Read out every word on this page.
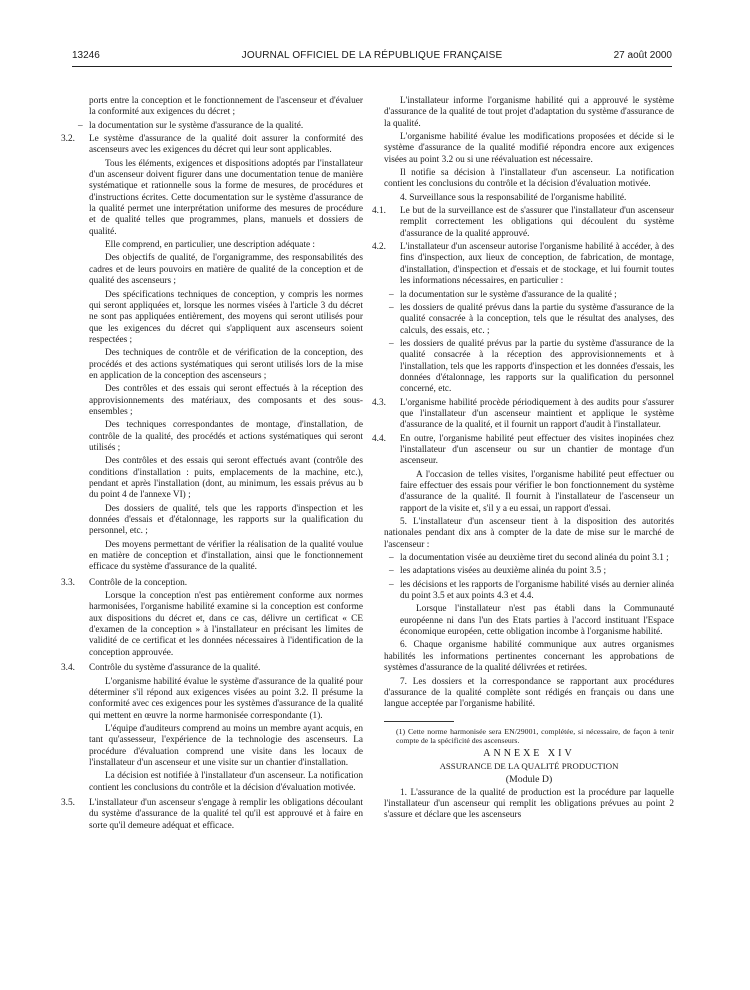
13246	JOURNAL OFFICIEL DE LA RÉPUBLIQUE FRANÇAISE	27 août 2000

ports entre la conception et le fonctionnement de l'ascenseur et d'évaluer la conformité aux exigences du décret ;

– la documentation sur le système d'assurance de la qualité.

3.2. Le système d'assurance de la qualité doit assurer la conformité des ascenseurs avec les exigences du décret qui leur sont applicables.

Tous les éléments, exigences et dispositions adoptés par l'installateur d'un ascenseur doivent figurer dans une documentation tenue de manière systématique et rationnelle sous la forme de mesures, de procédures et d'instructions écrites. Cette documentation sur le système d'assurance de la qualité permet une interprétation uniforme des mesures de procédure et de qualité telles que programmes, plans, manuels et dossiers de qualité.

Elle comprend, en particulier, une description adéquate :

Des objectifs de qualité, de l'organigramme, des responsabilités des cadres et de leurs pouvoirs en matière de qualité de la conception et de qualité des ascenseurs ;

Des spécifications techniques de conception, y compris les normes qui seront appliquées et, lorsque les normes visées à l'article 3 du décret ne sont pas appliquées entièrement, des moyens qui seront utilisés pour que les exigences du décret qui s'appliquent aux ascenseurs soient respectées ;

Des techniques de contrôle et de vérification de la conception, des procédés et des actions systématiques qui seront utilisés lors de la mise en application de la conception des ascenseurs ;

Des contrôles et des essais qui seront effectués à la réception des approvisionnements des matériaux, des composants et des sous-ensembles ;

Des techniques correspondantes de montage, d'installation, de contrôle de la qualité, des procédés et actions systématiques qui seront utilisés ;

Des contrôles et des essais qui seront effectués avant (contrôle des conditions d'installation : puits, emplacements de la machine, etc.), pendant et après l'installation (dont, au minimum, les essais prévus au b du point 4 de l'annexe VI) ;

Des dossiers de qualité, tels que les rapports d'inspection et les données d'essais et d'étalonnage, les rapports sur la qualification du personnel, etc. ;

Des moyens permettant de vérifier la réalisation de la qualité voulue en matière de conception et d'installation, ainsi que le fonctionnement efficace du système d'assurance de la qualité.

3.3. Contrôle de la conception.

Lorsque la conception n'est pas entièrement conforme aux normes harmonisées, l'organisme habilité examine si la conception est conforme aux dispositions du décret et, dans ce cas, délivre un certificat « CE d'examen de la conception » à l'installateur en précisant les limites de validité de ce certificat et les données nécessaires à l'identification de la conception approuvée.

3.4. Contrôle du système d'assurance de la qualité.

L'organisme habilité évalue le système d'assurance de la qualité pour déterminer s'il répond aux exigences visées au point 3.2. Il présume la conformité avec ces exigences pour les systèmes d'assurance de la qualité qui mettent en œuvre la norme harmonisée correspondante (1).

L'équipe d'auditeurs comprend au moins un membre ayant acquis, en tant qu'assesseur, l'expérience de la technologie des ascenseurs. La procédure d'évaluation comprend une visite dans les locaux de l'installateur d'un ascenseur et une visite sur un chantier d'installation.

La décision est notifiée à l'installateur d'un ascenseur. La notification contient les conclusions du contrôle et la décision d'évaluation motivée.

3.5. L'installateur d'un ascenseur s'engage à remplir les obligations découlant du système d'assurance de la qualité tel qu'il est approuvé et à faire en sorte qu'il demeure adéquat et efficace.

L'installateur informe l'organisme habilité qui a approuvé le système d'assurance de la qualité de tout projet d'adaptation du système d'assurance de la qualité.

L'organisme habilité évalue les modifications proposées et décide si le système d'assurance de la qualité modifié répondra encore aux exigences visées au point 3.2 ou si une réévaluation est nécessaire.

Il notifie sa décision à l'installateur d'un ascenseur. La notification contient les conclusions du contrôle et la décision d'évaluation motivée.

4. Surveillance sous la responsabilité de l'organisme habilité.

4.1. Le but de la surveillance est de s'assurer que l'installateur d'un ascenseur remplit correctement les obligations qui découlent du système d'assurance de la qualité approuvé.

4.2. L'installateur d'un ascenseur autorise l'organisme habilité à accéder, à des fins d'inspection, aux lieux de conception, de fabrication, de montage, d'installation, d'inspection et d'essais et de stockage, et lui fournit toutes les informations nécessaires, en particulier :

– la documentation sur le système d'assurance de la qualité ;

– les dossiers de qualité prévus dans la partie du système d'assurance de la qualité consacrée à la conception, tels que le résultat des analyses, des calculs, des essais, etc. ;

– les dossiers de qualité prévus par la partie du système d'assurance de la qualité consacrée à la réception des approvisionnements et à l'installation, tels que les rapports d'inspection et les données d'essais, les données d'étalonnage, les rapports sur la qualification du personnel concerné, etc.

4.3. L'organisme habilité procède périodiquement à des audits pour s'assurer que l'installateur d'un ascenseur maintient et applique le système d'assurance de la qualité, et il fournit un rapport d'audit à l'installateur.

4.4. En outre, l'organisme habilité peut effectuer des visites inopinées chez l'installateur d'un ascenseur ou sur un chantier de montage d'un ascenseur.

A l'occasion de telles visites, l'organisme habilité peut effectuer ou faire effectuer des essais pour vérifier le bon fonctionnement du système d'assurance de la qualité. Il fournit à l'installateur de l'ascenseur un rapport de la visite et, s'il y a eu essai, un rapport d'essai.

5. L'installateur d'un ascenseur tient à la disposition des autorités nationales pendant dix ans à compter de la date de mise sur le marché de l'ascenseur :

– la documentation visée au deuxième tiret du second alinéa du point 3.1 ;

– les adaptations visées au deuxième alinéa du point 3.5 ;

– les décisions et les rapports de l'organisme habilité visés au dernier alinéa du point 3.5 et aux points 4.3 et 4.4.

Lorsque l'installateur n'est pas établi dans la Communauté européenne ni dans l'un des Etats parties à l'accord instituant l'Espace économique européen, cette obligation incombe à l'organisme habilité.

6. Chaque organisme habilité communique aux autres organismes habilités les informations pertinentes concernant les approbations de systèmes d'assurance de la qualité délivrées et retirées.

7. Les dossiers et la correspondance se rapportant aux procédures d'assurance de la qualité complète sont rédigés en français ou dans une langue acceptée par l'organisme habilité.

(1) Cette norme harmonisée sera EN/29001, complétée, si nécessaire, de façon à tenir compte de la spécificité des ascenseurs.

ANNEXE XIV

ASSURANCE DE LA QUALITÉ PRODUCTION

(Module D)

1. L'assurance de la qualité de production est la procédure par laquelle l'installateur d'un ascenseur qui remplit les obligations prévues au point 2 s'assure et déclare que les ascenseurs
